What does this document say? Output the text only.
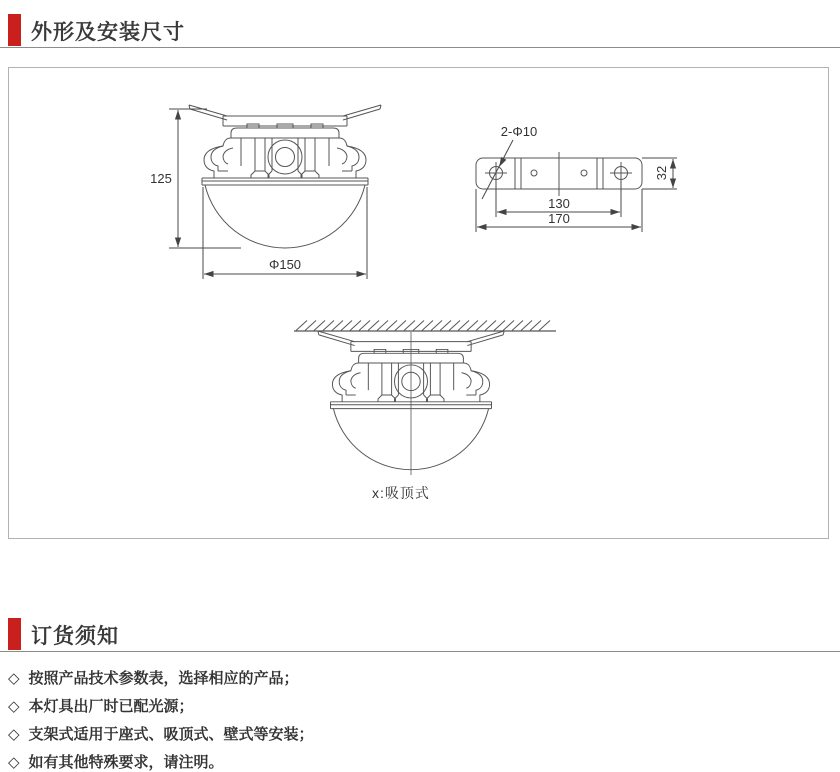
外形及安装尺寸
125
Φ150
2-Φ10
130
170
32
x:吸顶式
订货须知
◇ 按照产品技术参数表，选择相应的产品；
◇ 本灯具出厂时已配光源；
◇ 支架式适用于座式、吸顶式、壁式等安装；
◇ 如有其他特殊要求，请注明。
